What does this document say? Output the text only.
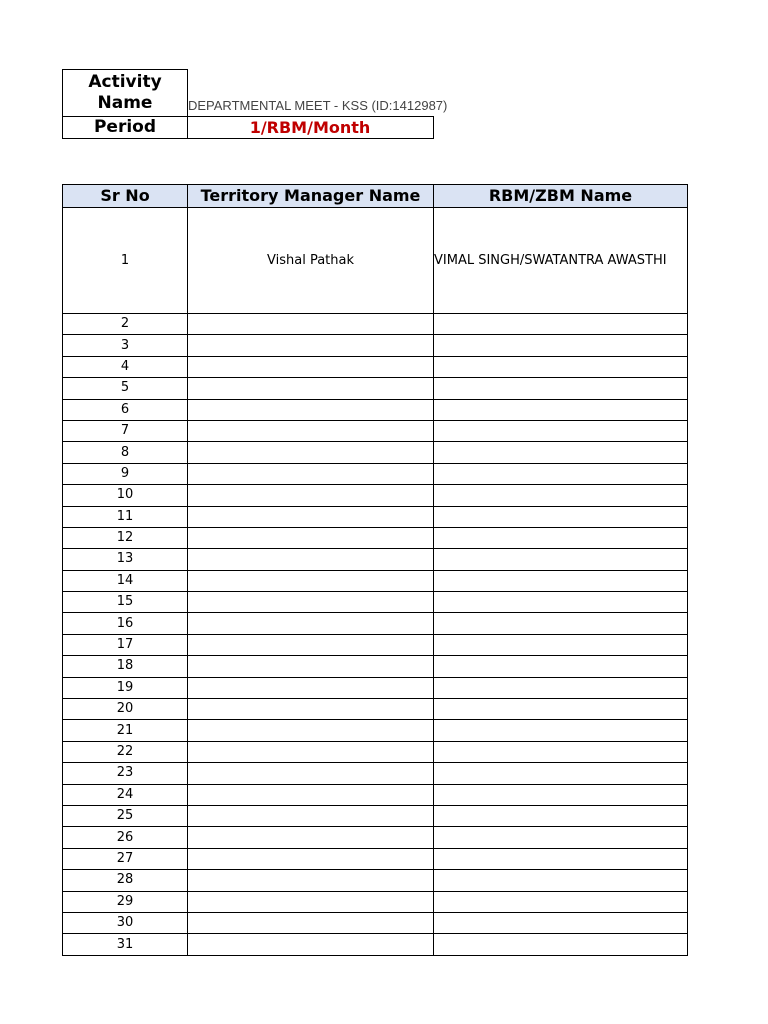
Activity Name	DEPARTMENTAL MEET - KSS (ID:1412987)
Period	1/RBM/Month
Sr No	Territory Manager Name	RBM/ZBM Name
1	Vishal Pathak	VIMAL SINGH/SWATANTRA AWASTHI
2		
3		
4		
5		
6		
7		
8		
9		
10		
11		
12		
13		
14		
15		
16		
17		
18		
19		
20		
21		
22		
23		
24		
25		
26		
27		
28		
29		
30		
31		
